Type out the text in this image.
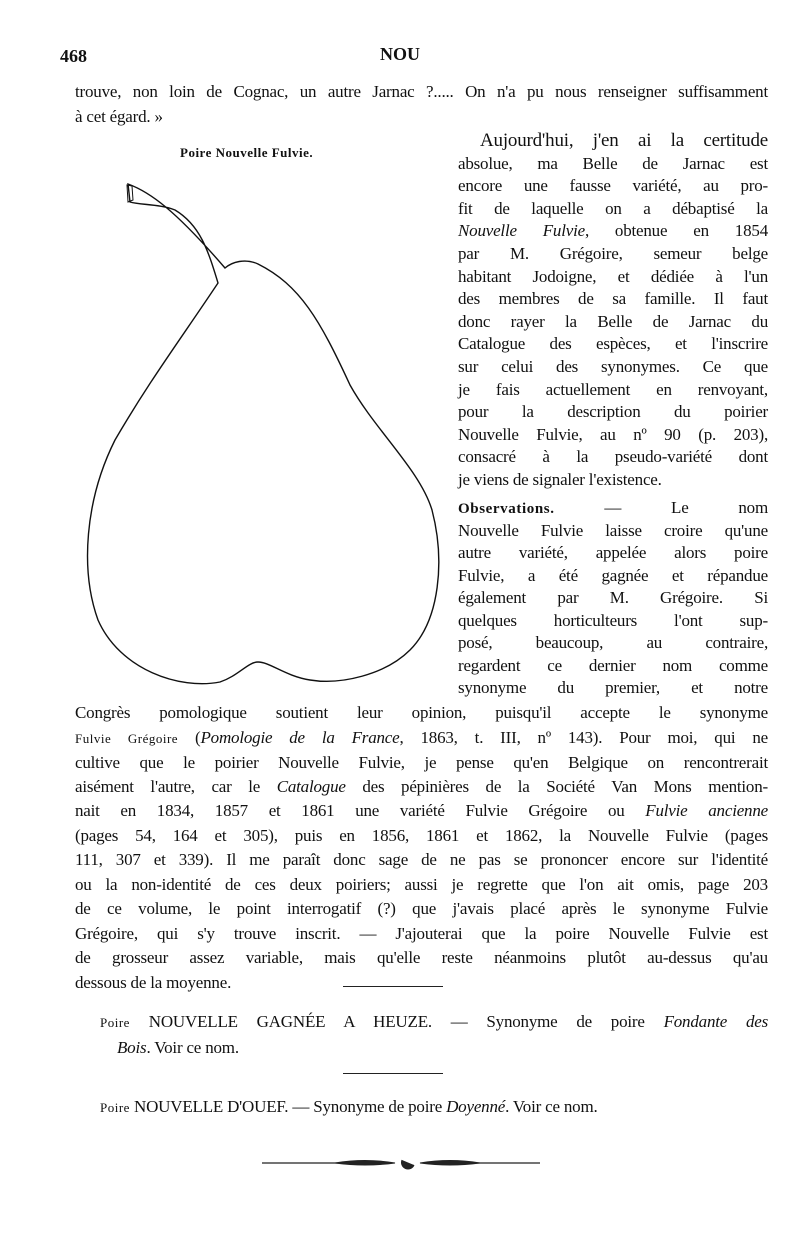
468	NOU
trouve, non loin de Cognac, un autre Jarnac ?..... On n'a pu nous renseigner suffisamment
à cet égard. »
Poire Nouvelle Fulvie.
Aujourd'hui, j'en ai la certitude
absolue, ma Belle de Jarnac est
encore une fausse variété, au pro-
fit de laquelle on a débaptisé la
Nouvelle Fulvie, obtenue en 1854
par M. Grégoire, semeur belge
habitant Jodoigne, et dédiée à l'un
des membres de sa famille. Il faut
donc rayer la Belle de Jarnac du
Catalogue des espèces, et l'inscrire
sur celui des synonymes. Ce que
je fais actuellement en renvoyant,
pour la description du poirier
Nouvelle Fulvie, au nº 90 (p. 203),
consacré à la pseudo-variété dont
je viens de signaler l'existence.
Observations. — Le nom
Nouvelle Fulvie laisse croire qu'une
autre variété, appelée alors poire
Fulvie, a été gagnée et répandue
également par M. Grégoire. Si
quelques horticulteurs l'ont sup-
posé, beaucoup, au contraire,
regardent ce dernier nom comme
synonyme du premier, et notre
Congrès pomologique soutient leur opinion, puisqu'il accepte le synonyme
Fulvie Grégoire (Pomologie de la France, 1863, t. III, nº 143). Pour moi, qui ne
cultive que le poirier Nouvelle Fulvie, je pense qu'en Belgique on rencontrerait
aisément l'autre, car le Catalogue des pépinières de la Société Van Mons mention-
nait en 1834, 1857 et 1861 une variété Fulvie Grégoire ou Fulvie ancienne
(pages 54, 164 et 305), puis en 1856, 1861 et 1862, la Nouvelle Fulvie (pages
111, 307 et 339). Il me paraît donc sage de ne pas se prononcer encore sur l'identité
ou la non-identité de ces deux poiriers; aussi je regrette que l'on ait omis, page 203
de ce volume, le point interrogatif (?) que j'avais placé après le synonyme Fulvie
Grégoire, qui s'y trouve inscrit. — J'ajouterai que la poire Nouvelle Fulvie est
de grosseur assez variable, mais qu'elle reste néanmoins plutôt au-dessus qu'au
dessous de la moyenne.
Poire NOUVELLE GAGNÉE A HEUZE. — Synonyme de poire Fondante des
Bois. Voir ce nom.
Poire NOUVELLE D'OUEF. — Synonyme de poire Doyenné. Voir ce nom.
